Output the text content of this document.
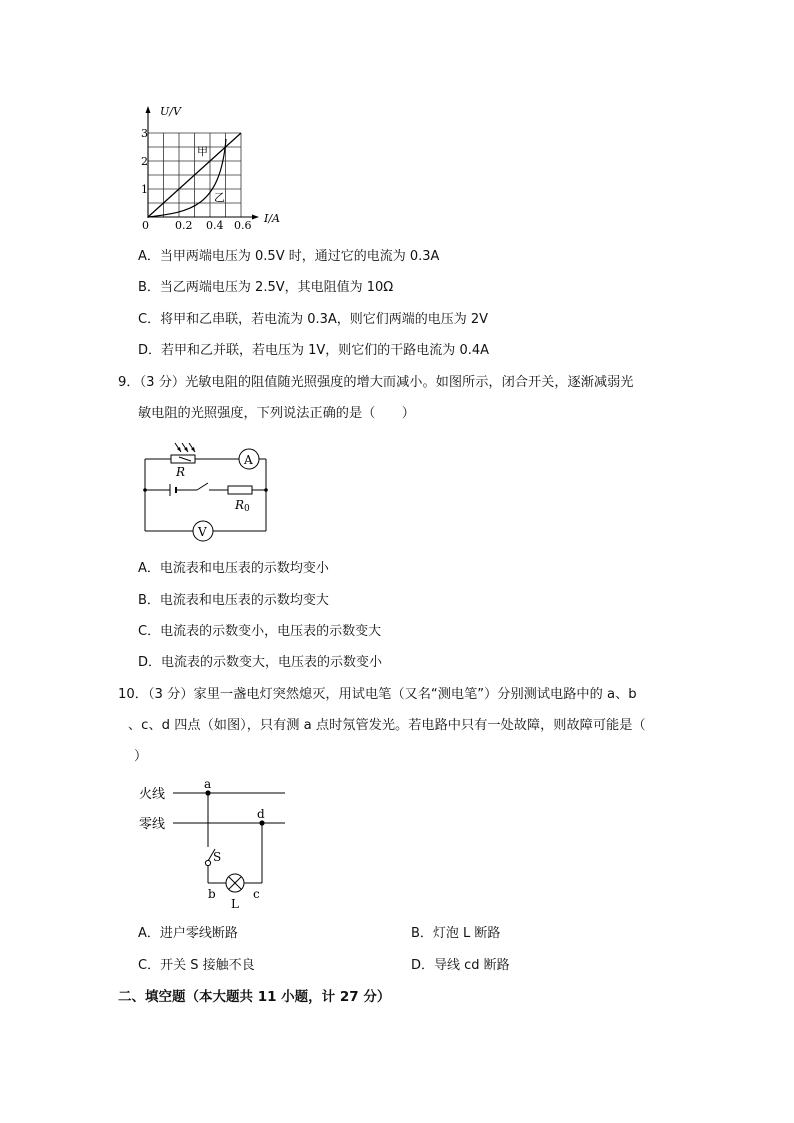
U/V
I/A
0
1
2
3
0.2 0.4 0.6
甲
乙
A．当甲两端电压为 0.5V 时，通过它的电流为 0.3A
B．当乙两端电压为 2.5V，其电阻值为 10Ω
C．将甲和乙串联，若电流为 0.3A，则它们两端的电压为 2V
D．若甲和乙并联，若电压为 1V，则它们的干路电流为 0.4A
9．（3 分）光敏电阻的阻值随光照强度的增大而减小。如图所示，闭合开关，逐渐减弱光
敏电阻的光照强度，下列说法正确的是（　　）
R
R0
A
V
A．电流表和电压表的示数均变小
B．电流表和电压表的示数均变大
C．电流表的示数变小，电压表的示数变大
D．电流表的示数变大，电压表的示数变小
10．（3 分）家里一盏电灯突然熄灭，用试电笔（又名“测电笔”）分别测试电路中的 a、b
、c、d 四点（如图），只有测 a 点时氖管发光。若电路中只有一处故障，则故障可能是（
）
火线
零线
a
d
S
b	c
L
A．进户零线断路	B．灯泡 L 断路
C．开关 S 接触不良	D．导线 cd 断路
二、填空题（本大题共 11 小题，计 27 分）
